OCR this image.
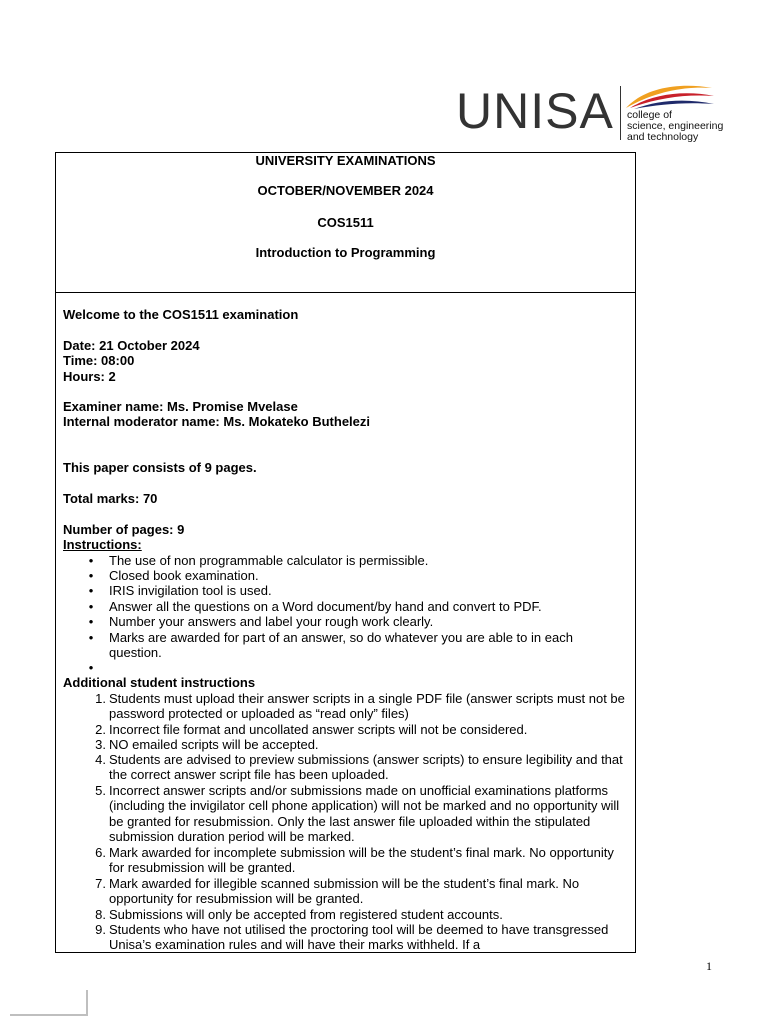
UNISA college of
science, engineering
and technology
UNIVERSITY EXAMINATIONS
OCTOBER/NOVEMBER 2024
COS1511
Introduction to Programming
Welcome to the COS1511 examination
Date: 21 October 2024
Time: 08:00
Hours: 2
Examiner name: Ms. Promise Mvelase
Internal moderator name: Ms. Mokateko Buthelezi
This paper consists of 9 pages.
Total marks: 70
Number of pages: 9
Instructions:
• The use of non programmable calculator is permissible.
• Closed book examination.
• IRIS invigilation tool is used.
• Answer all the questions on a Word document/by hand and convert to PDF.
• Number your answers and label your rough work clearly.
• Marks are awarded for part of an answer, so do whatever you are able to in each question.
•
Additional student instructions
1. Students must upload their answer scripts in a single PDF file (answer scripts must not be password protected or uploaded as “read only” files)
2. Incorrect file format and uncollated answer scripts will not be considered.
3. NO emailed scripts will be accepted.
4. Students are advised to preview submissions (answer scripts) to ensure legibility and that the correct answer script file has been uploaded.
5. Incorrect answer scripts and/or submissions made on unofficial examinations platforms (including the invigilator cell phone application) will not be marked and no opportunity will be granted for resubmission. Only the last answer file uploaded within the stipulated submission duration period will be marked.
6. Mark awarded for incomplete submission will be the student’s final mark. No opportunity for resubmission will be granted.
7. Mark awarded for illegible scanned submission will be the student’s final mark. No opportunity for resubmission will be granted.
8. Submissions will only be accepted from registered student accounts.
9. Students who have not utilised the proctoring tool will be deemed to have transgressed Unisa’s examination rules and will have their marks withheld. If a
1
